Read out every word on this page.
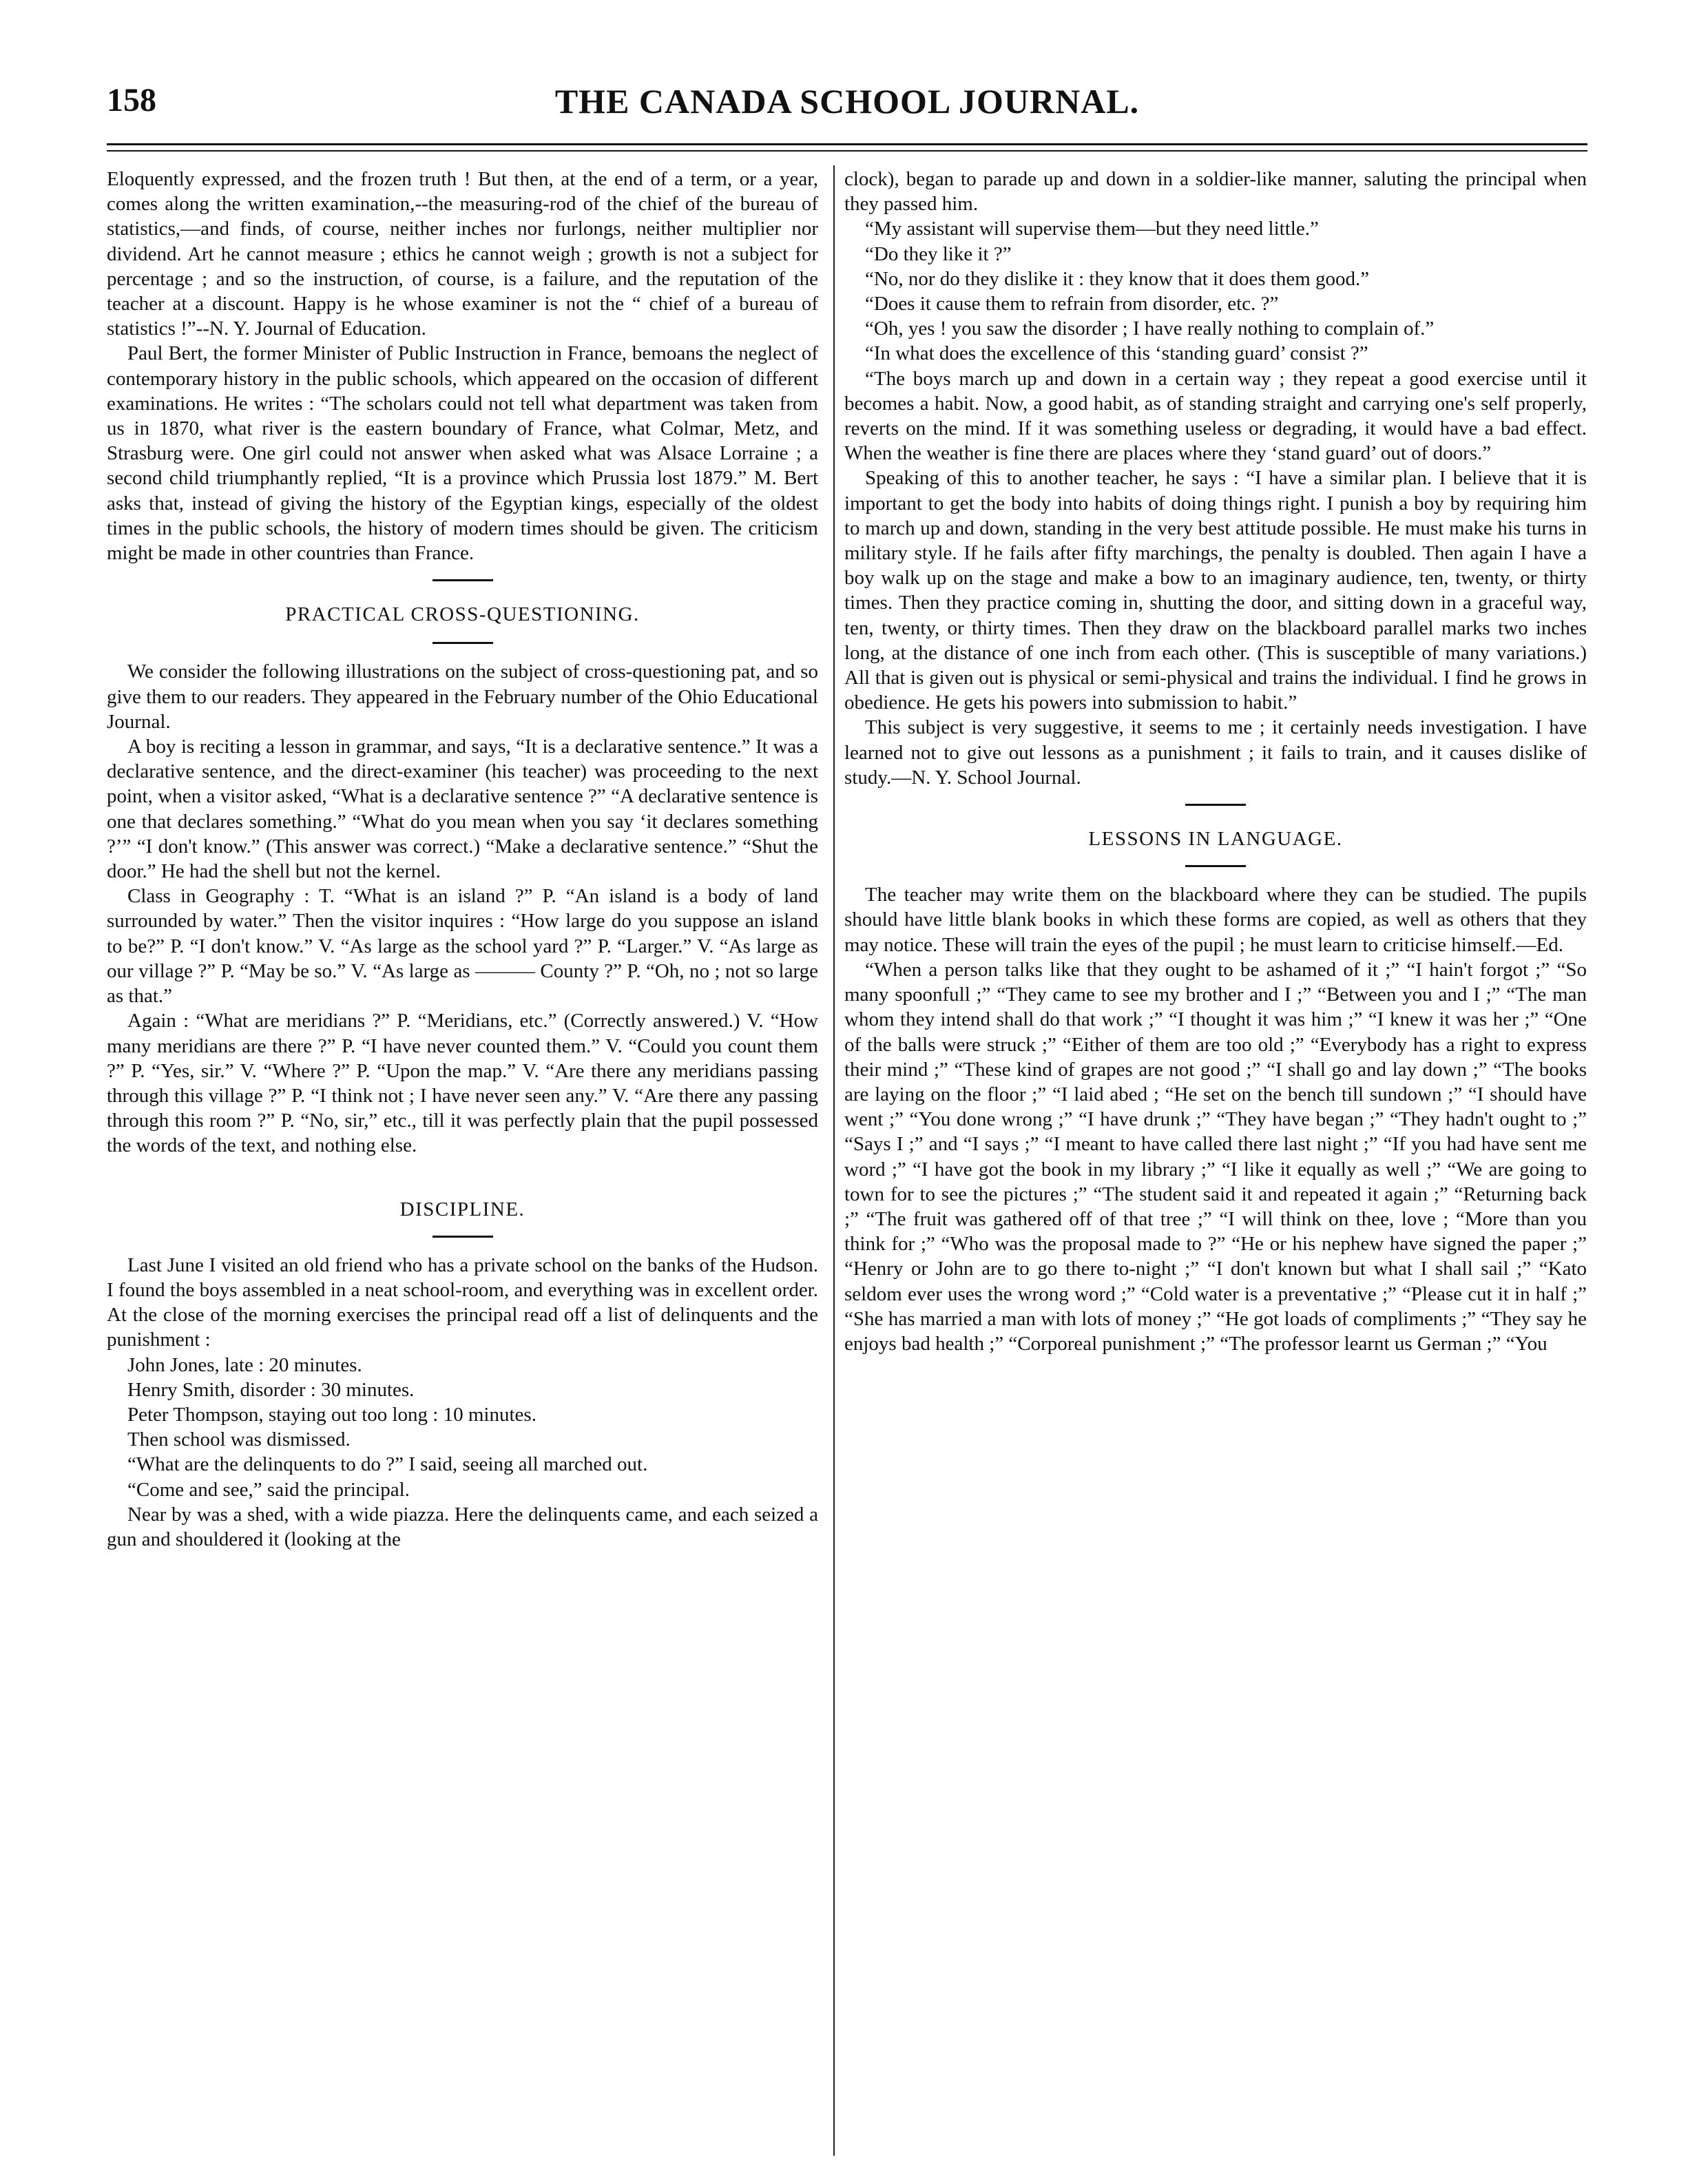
158	THE CANADA SCHOOL JOURNAL.

Eloquently expressed, and the frozen truth ! But then, at the end of a term, or a year, comes along the written examination,--the measuring-rod of the chief of the bureau of statistics,—and finds, of course, neither inches nor furlongs, neither multiplier nor dividend. Art he cannot measure ; ethics he cannot weigh ; growth is not a subject for percentage ; and so the instruction, of course, is a failure, and the reputation of the teacher at a discount. Happy is he whose examiner is not the “ chief of a bureau of statistics !”--N. Y. Journal of Education.

Paul Bert, the former Minister of Public Instruction in France, bemoans the neglect of contemporary history in the public schools, which appeared on the occasion of different examinations. He writes : “The scholars could not tell what department was taken from us in 1870, what river is the eastern boundary of France, what Colmar, Metz, and Strasburg were. One girl could not answer when asked what was Alsace Lorraine ; a second child triumphantly replied, “It is a province which Prussia lost 1879.” M. Bert asks that, instead of giving the history of the Egyptian kings, especially of the oldest times in the public schools, the history of modern times should be given. The criticism might be made in other countries than France.

PRACTICAL CROSS-QUESTIONING.

We consider the following illustrations on the subject of cross-questioning pat, and so give them to our readers. They appeared in the February number of the Ohio Educational Journal.

A boy is reciting a lesson in grammar, and says, “It is a declarative sentence.” It was a declarative sentence, and the direct-examiner (his teacher) was proceeding to the next point, when a visitor asked, “What is a declarative sentence ?” “A declarative sentence is one that declares something.” “What do you mean when you say ‘it declares something ?’” “I don't know.” (This answer was correct.) “Make a declarative sentence.” “Shut the door.” He had the shell but not the kernel.

Class in Geography : T. “What is an island ?” P. “An island is a body of land surrounded by water.” Then the visitor inquires : “How large do you suppose an island to be?” P. “I don't know.” V. “As large as the school yard ?” P. “Larger.” V. “As large as our village ?” P. “May be so.” V. “As large as ——— County ?” P. “Oh, no ; not so large as that.”

Again : “What are meridians ?” P. “Meridians, etc.” (Correctly answered.) V. “How many meridians are there ?” P. “I have never counted them.” V. “Could you count them ?” P. “Yes, sir.” V. “Where ?” P. “Upon the map.” V. “Are there any meridians passing through this village ?” P. “I think not ; I have never seen any.” V. “Are there any passing through this room ?” P. “No, sir,” etc., till it was perfectly plain that the pupil possessed the words of the text, and nothing else.

DISCIPLINE.

Last June I visited an old friend who has a private school on the banks of the Hudson. I found the boys assembled in a neat school-room, and everything was in excellent order. At the close of the morning exercises the principal read off a list of delinquents and the punishment :

John Jones, late : 20 minutes.

Henry Smith, disorder : 30 minutes.

Peter Thompson, staying out too long : 10 minutes.

Then school was dismissed.

“What are the delinquents to do ?” I said, seeing all marched out.

“Come and see,” said the principal.

Near by was a shed, with a wide piazza. Here the delinquents came, and each seized a gun and shouldered it (looking at the

clock), began to parade up and down in a soldier-like manner, saluting the principal when they passed him.

“My assistant will supervise them—but they need little.”

“Do they like it ?”

“No, nor do they dislike it : they know that it does them good.”

“Does it cause them to refrain from disorder, etc. ?”

“Oh, yes ! you saw the disorder ; I have really nothing to complain of.”

“In what does the excellence of this ‘standing guard’ consist ?”

“The boys march up and down in a certain way ; they repeat a good exercise until it becomes a habit. Now, a good habit, as of standing straight and carrying one's self properly, reverts on the mind. If it was something useless or degrading, it would have a bad effect. When the weather is fine there are places where they ‘stand guard’ out of doors.”

Speaking of this to another teacher, he says : “I have a similar plan. I believe that it is important to get the body into habits of doing things right. I punish a boy by requiring him to march up and down, standing in the very best attitude possible. He must make his turns in military style. If he fails after fifty marchings, the penalty is doubled. Then again I have a boy walk up on the stage and make a bow to an imaginary audience, ten, twenty, or thirty times. Then they practice coming in, shutting the door, and sitting down in a graceful way, ten, twenty, or thirty times. Then they draw on the blackboard parallel marks two inches long, at the distance of one inch from each other. (This is susceptible of many variations.) All that is given out is physical or semi-physical and trains the individual. I find he grows in obedience. He gets his powers into submission to habit.”

This subject is very suggestive, it seems to me ; it certainly needs investigation. I have learned not to give out lessons as a punishment ; it fails to train, and it causes dislike of study.—N. Y. School Journal.

LESSONS IN LANGUAGE.

The teacher may write them on the blackboard where they can be studied. The pupils should have little blank books in which these forms are copied, as well as others that they may notice. These will train the eyes of the pupil ; he must learn to criticise himself.—Ed.

“When a person talks like that they ought to be ashamed of it ;” “I hain't forgot ;” “So many spoonfull ;” “They came to see my brother and I ;” “Between you and I ;” “The man whom they intend shall do that work ;” “I thought it was him ;” “I knew it was her ;” “One of the balls were struck ;” “Either of them are too old ;” “Everybody has a right to express their mind ;” “These kind of grapes are not good ;” “I shall go and lay down ;” “The books are laying on the floor ;” “I laid abed ; “He set on the bench till sundown ;” “I should have went ;” “You done wrong ;” “I have drunk ;” “They have began ;” “They hadn't ought to ;” “Says I ;” and “I says ;” “I meant to have called there last night ;” “If you had have sent me word ;” “I have got the book in my library ;” “I like it equally as well ;” “We are going to town for to see the pictures ;” “The student said it and repeated it again ;” “Returning back ;” “The fruit was gathered off of that tree ;” “I will think on thee, love ; “More than you think for ;” “Who was the proposal made to ?” “He or his nephew have signed the paper ;” “Henry or John are to go there to-night ;” “I don't known but what I shall sail ;” “Kato seldom ever uses the wrong word ;” “Cold water is a preventative ;” “Please cut it in half ;” “She has married a man with lots of money ;” “He got loads of compliments ;” “They say he enjoys bad health ;” “Corporeal punishment ;” “The professor learnt us German ;” “You
